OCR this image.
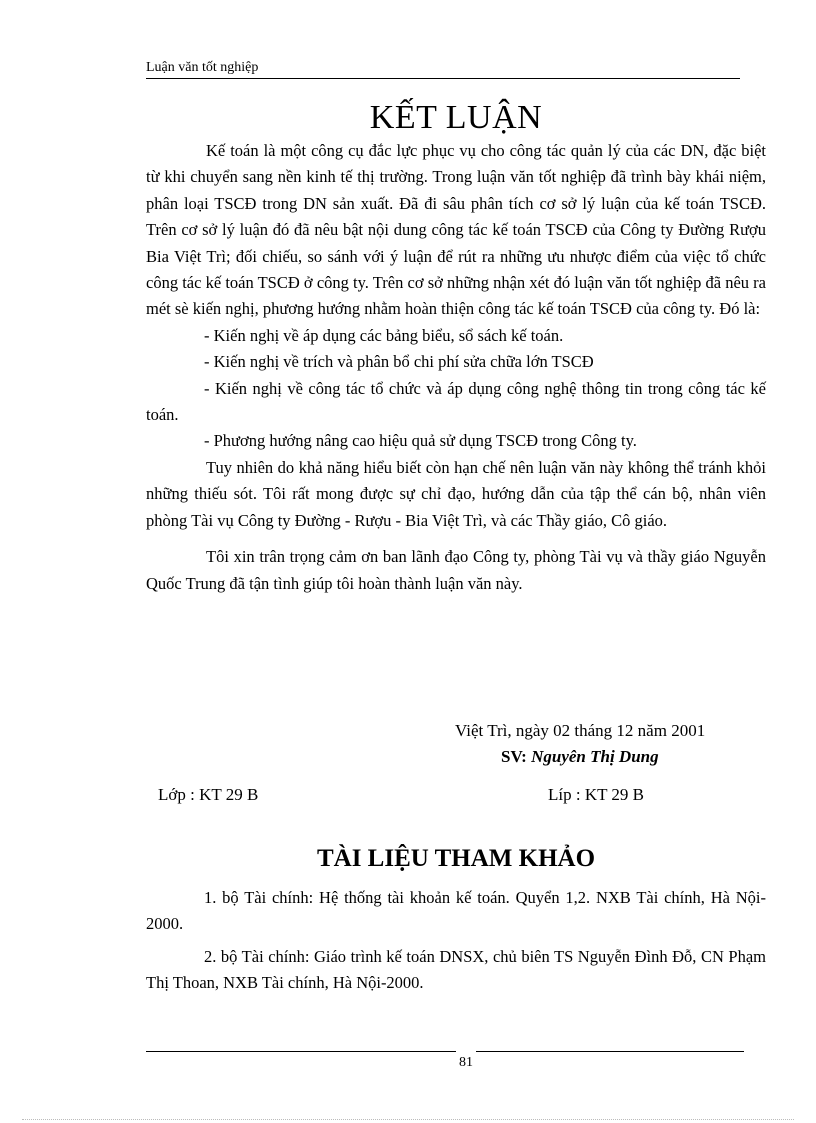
Luận văn tốt nghiệp
KẾT LUẬN

Kế toán là một công cụ đắc lực phục vụ cho công tác quản lý của các DN, đặc biệt từ khi chuyển sang nền kinh tế thị trường. Trong luận văn tốt nghiệp đã trình bày khái niệm, phân loại TSCĐ trong DN sản xuất. Đã đi sâu phân tích cơ sở lý luận của kế toán TSCĐ. Trên cơ sở lý luận đó đã nêu bật nội dung công tác kế toán TSCĐ của Công ty Đường Rượu Bia Việt Trì; đối chiếu, so sánh với ý luận để rút ra những ưu nhược điểm của việc tổ chức công tác kế toán TSCĐ ở công ty. Trên cơ sở những nhận xét đó luận văn tốt nghiệp đã nêu ra mét sè kiến nghị, phương hướng nhằm hoàn thiện công tác kế toán TSCĐ của công ty. Đó là:

- Kiến nghị về áp dụng các bảng biểu, sổ sách kế toán.

- Kiến nghị về trích và phân bổ chi phí sửa chữa lớn TSCĐ

- Kiến nghị về công tác tổ chức và áp dụng công nghệ thông tin trong công tác kế toán.

- Phương hướng nâng cao hiệu quả sử dụng TSCĐ trong Công ty.

Tuy nhiên do khả năng hiểu biết còn hạn chế nên luận văn này không thể tránh khỏi những thiếu sót. Tôi rất mong được sự chỉ đạo, hướng dẫn của tập thể cán bộ, nhân viên phòng Tài vụ Công ty Đường - Rượu - Bia Việt Trì, và các Thầy giáo, Cô giáo.

Tôi xin trân trọng cảm ơn ban lãnh đạo Công ty, phòng Tài vụ và thầy giáo Nguyễn Quốc Trung đã tận tình giúp tôi hoàn thành luận văn này.

Việt Trì, ngày 02 tháng 12 năm 2001
SV: Nguyên Thị Dung
Lớp : KT 29 B	Líp : KT 29 B
TÀI LIỆU THAM KHẢO

1. bộ Tài chính: Hệ thống tài khoản kế toán. Quyển 1,2. NXB Tài chính, Hà Nội-2000.

2. bộ Tài chính: Giáo trình kế toán DNSX, chủ biên TS Nguyễn Đình Đỗ, CN Phạm Thị Thoan, NXB Tài chính, Hà Nội-2000.

81
